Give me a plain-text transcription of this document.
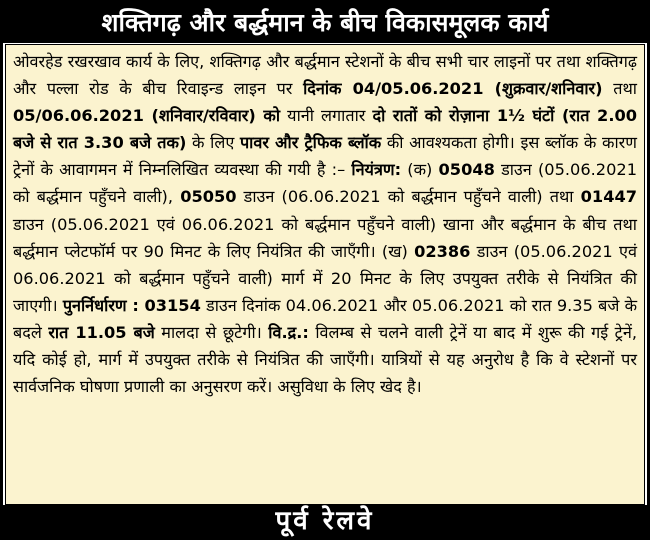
शक्तिगढ़ और बर्द्धमान के बीच विकासमूलक कार्य
ओवरहेड रखरखाव कार्य के लिए, शक्तिगढ़ और बर्द्धमान स्टेशनों के बीच सभी चार लाइनों पर तथा शक्तिगढ़ और पल्ला रोड के बीच रिवाइन्ड लाइन पर दिनांक 04/05.06.2021 (शुक्रवार/शनिवार) तथा 05/06.06.2021 (शनिवार/रविवार) को यानी लगातार दो रातों को रोज़ाना 1½ घंटों (रात 2.00 बजे से रात 3.30 बजे तक) के लिए पावर और ट्रैफिक ब्लॉक की आवश्यकता होगी। इस ब्लॉक के कारण ट्रेनों के आवागमन में निम्नलिखित व्यवस्था की गयी है :– नियंत्रण: (क) 05048 डाउन (05.06.2021 को बर्द्धमान पहुँचने वाली), 05050 डाउन (06.06.2021 को बर्द्धमान पहुँचने वाली) तथा 01447 डाउन (05.06.2021 एवं 06.06.2021 को बर्द्धमान पहुँचने वाली) खाना और बर्द्धमान के बीच तथा बर्द्धमान प्लेटफॉर्म पर 90 मिनट के लिए नियंत्रित की जाएँगी। (ख) 02386 डाउन (05.06.2021 एवं 06.06.2021 को बर्द्धमान पहुँचने वाली) मार्ग में 20 मिनट के लिए उपयुक्त तरीके से नियंत्रित की जाएगी। पुनर्निर्धारण : 03154 डाउन दिनांक 04.06.2021 और 05.06.2021 को रात 9.35 बजे के बदले रात 11.05 बजे मालदा से छूटेगी। वि.द्र.: विलम्ब से चलने वाली ट्रेनें या बाद में शुरू की गई ट्रेनें, यदि कोई हो, मार्ग में उपयुक्त तरीके से नियंत्रित की जाएँगी। यात्रियों से यह अनुरोध है कि वे स्टेशनों पर सार्वजनिक घोषणा प्रणाली का अनुसरण करें। असुविधा के लिए खेद है।
पूर्व रेलवे
